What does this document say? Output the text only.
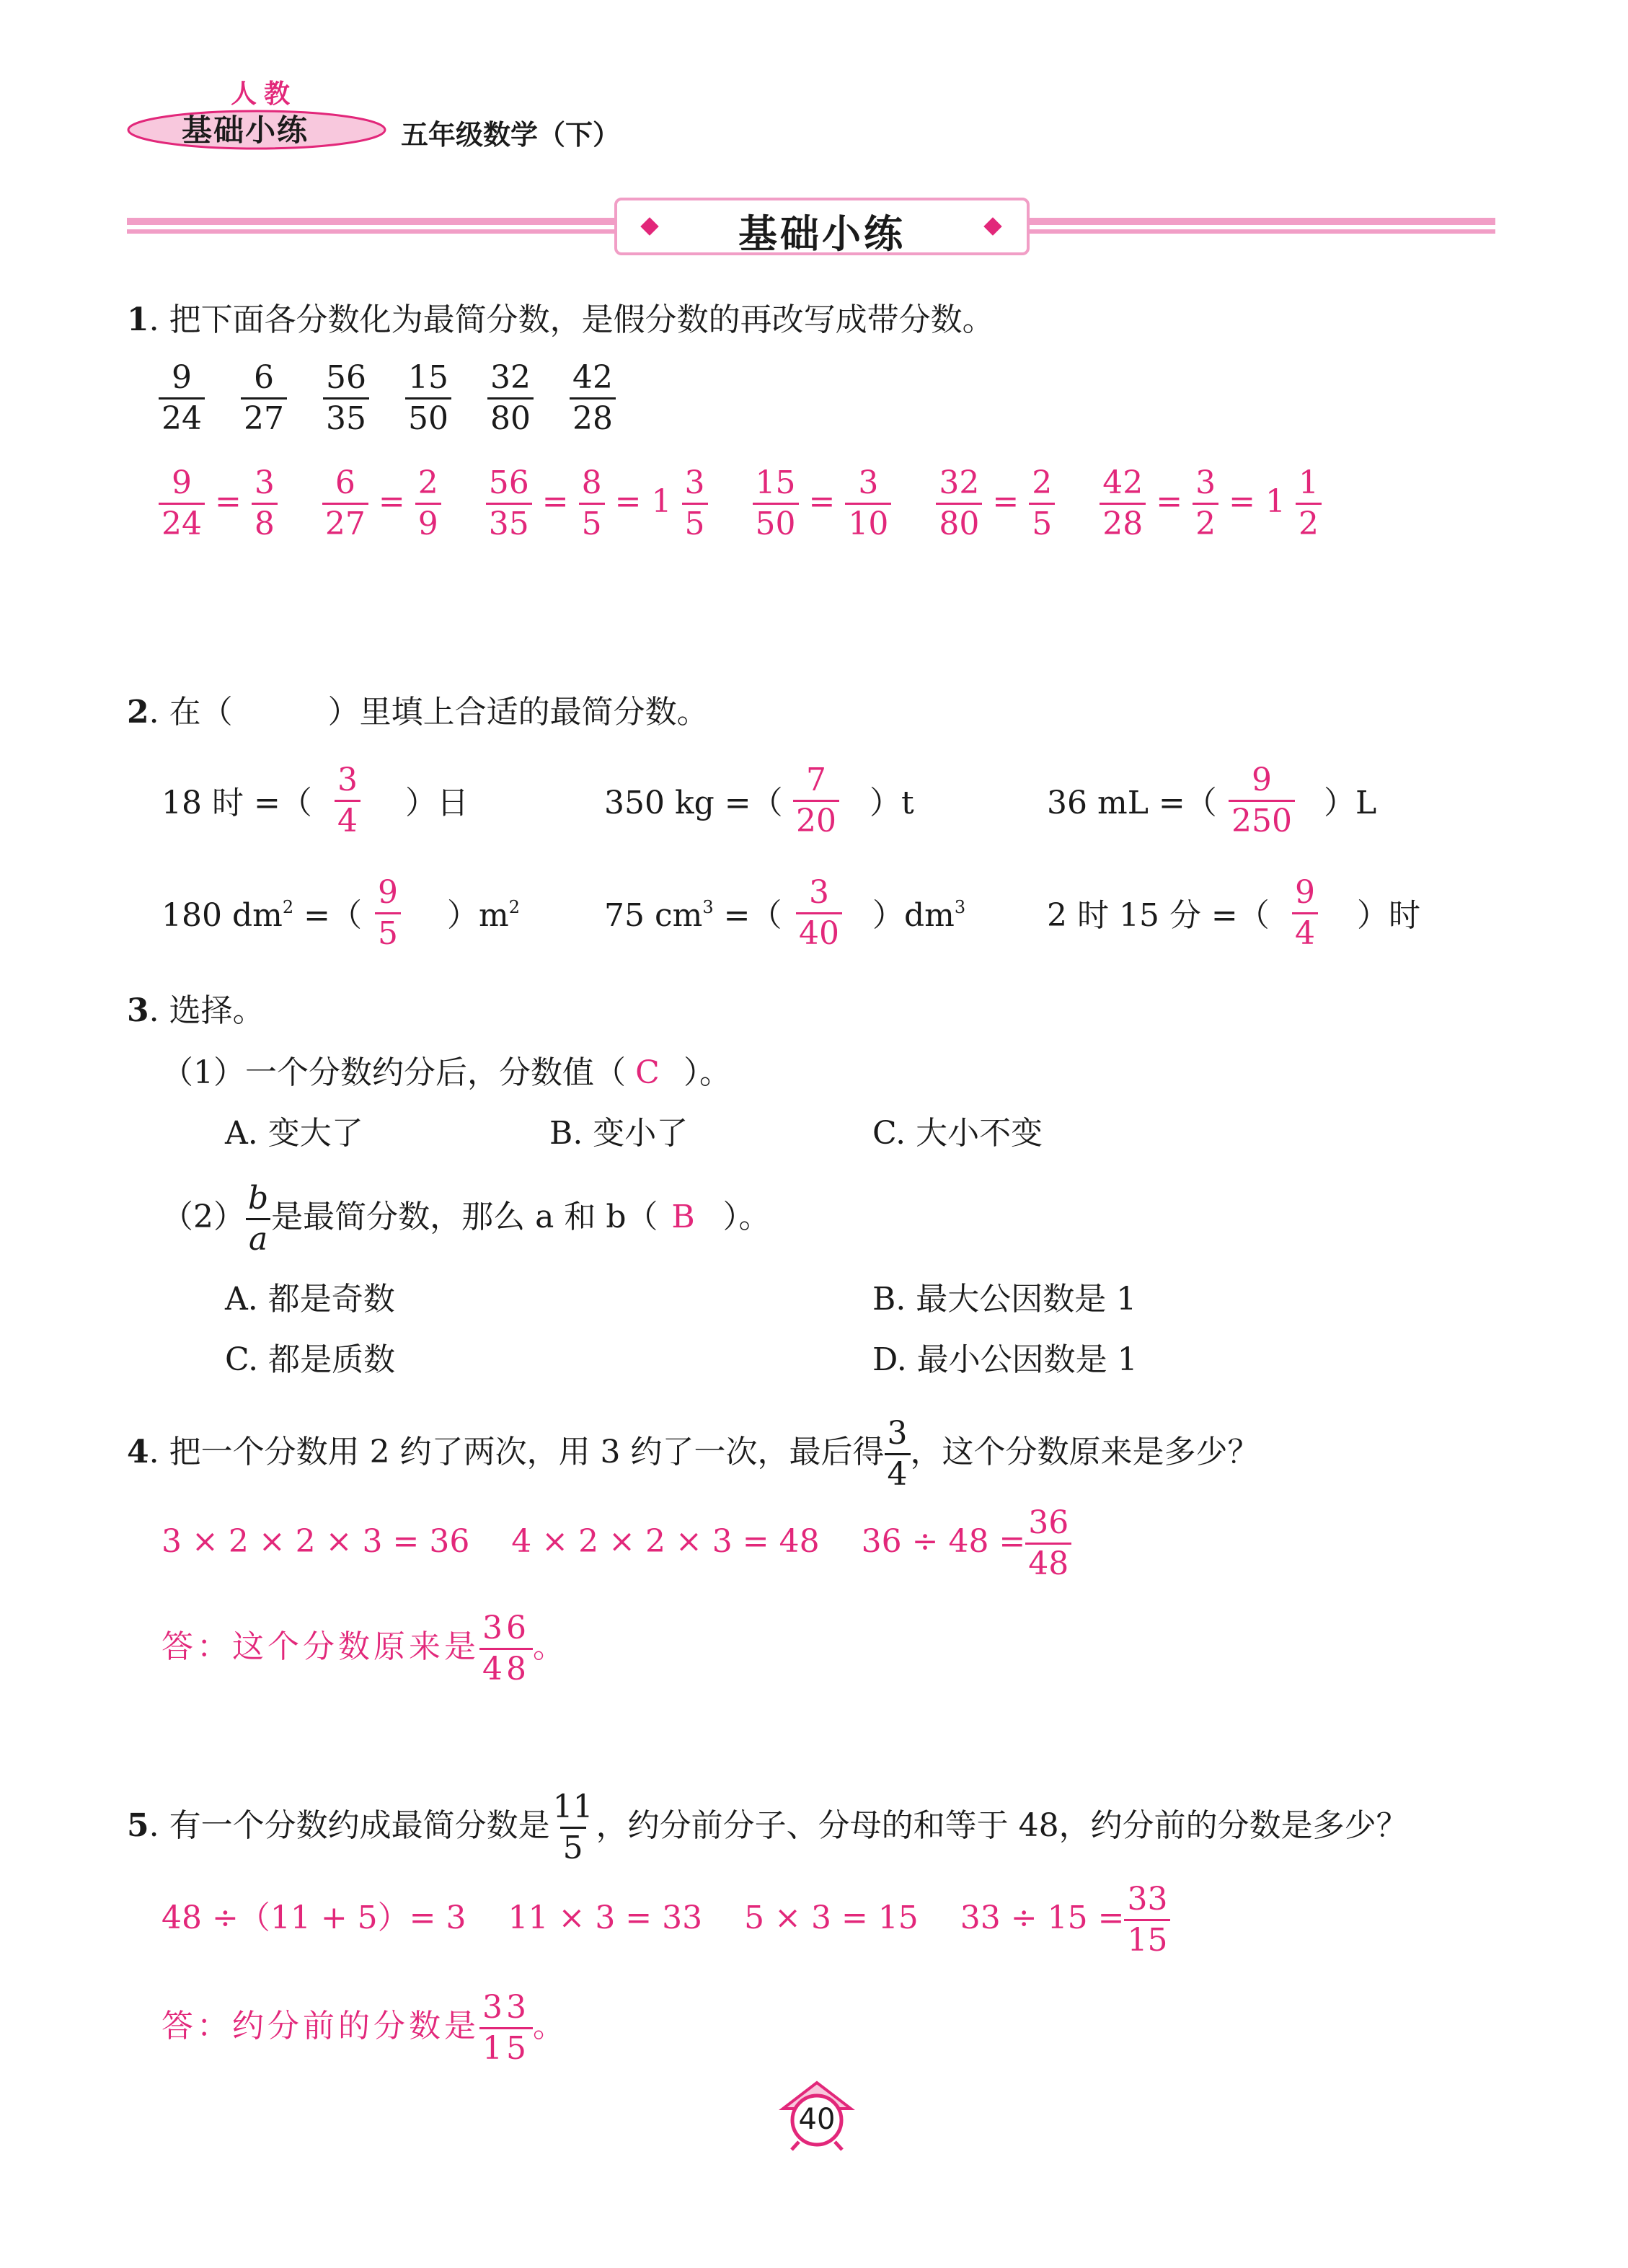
人教
基础小练	五年级数学（下）
基础小练
1. 把下面各分数化为最简分数，是假分数的再改写成带分数。
$\frac{9}{24}$
$\frac{6}{27}$
$\frac{56}{35}$
$\frac{15}{50}$
$\frac{32}{80}$
$\frac{42}{28}$
$\frac{9}{24} = \frac{3}{8}$
$\frac{6}{27} = \frac{2}{9}$
$\frac{56}{35} = \frac{8}{5} = 1 \frac{3}{5}$
$\frac{15}{50} = \frac{3}{10}$
$\frac{32}{80} = \frac{2}{5}$
$\frac{42}{28} = \frac{3}{2} = 1 \frac{1}{2}$
2. 在（　　　）里填上合适的最简分数。
18 时 =（ $\frac{3}{4}$ ）日	350 kg =（ $\frac{7}{20} )t$	36 mL =（ $\frac{9}{250} )L$
180 $dm^2$ =（ $\frac{9}{5} )m^2$	75 $cm^3$ =（ $\frac{3}{40} )dm^3$	2 时 15 分 =（ $\frac{9}{4}$ ）时
3. 选择。
（1）一个分数约分后，分数值（ C ）。
A. 变大了	B. 变小了	C. 大小不变
$(2) \frac{b}{a}$ 是最简分数，那么 a 和 b（ B ）。
A. 都是奇数	B. 最大公因数是 1
C. 都是质数	D. 最小公因数是 1
4. 把一个分数用 2 约了两次，用 3 约了一次，最后得 $\frac{3}{4}$ ，这个分数原来是多少？
3 × 2 × 2 × 3 = 36　 4 × 2 × 2 × 3 = 48　 $36 \div 48 = \frac{36}{48}$
答：这个分数原来是 $\frac{36}{48}$ 。
5. 有一个分数约成最简分数是 $\frac{11}{5}$ ，约分前分子、分母的和等于 48，约分前的分数是多少？
48 ÷（11 + 5）= 3　 11 × 3 = 33　 5 × 3 = 15　 $33 \div 15 = \frac{33}{15}$
答：约分前的分数是 $\frac{33}{15}$ 。
40
